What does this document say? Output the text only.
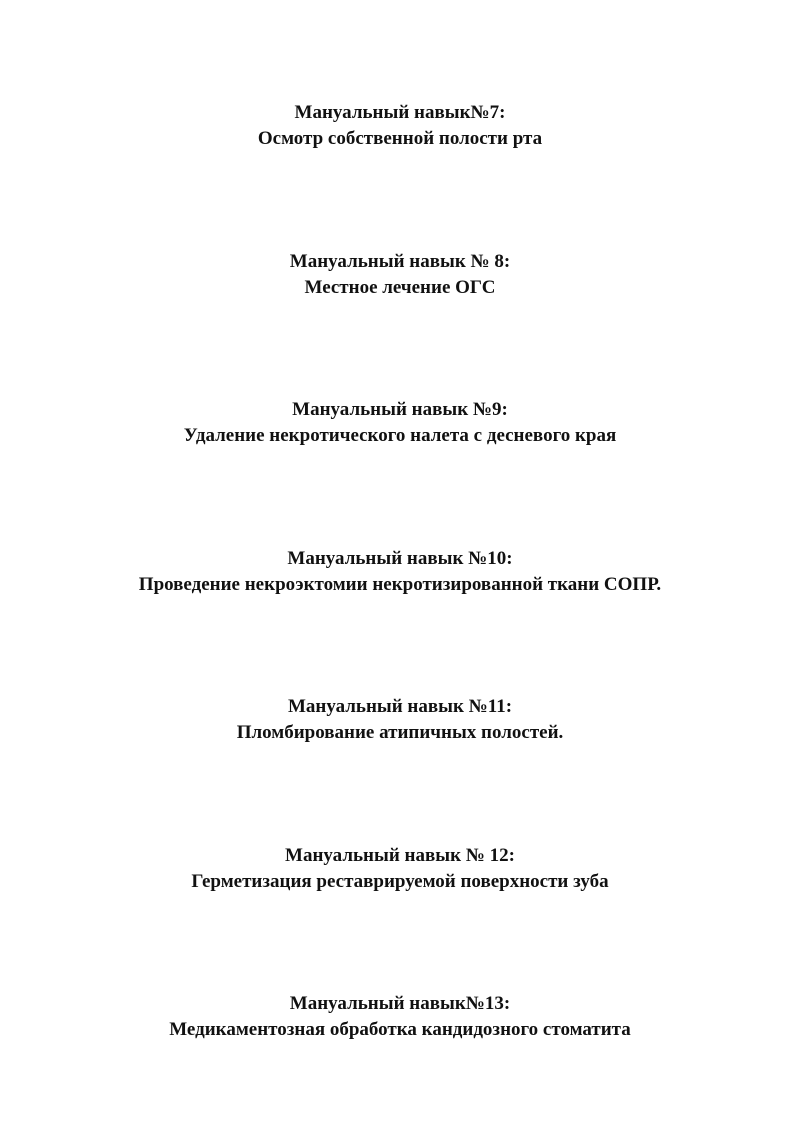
Мануальный навык№7:
Осмотр собственной полости рта
Мануальный навык № 8:
Местное лечение ОГС
Мануальный навык №9:
Удаление некротического налета с десневого края
Мануальный навык №10:
Проведение некроэктомии некротизированной ткани СОПР.
Мануальный навык №11:
Пломбирование атипичных полостей.
Мануальный навык № 12:
Герметизация реставрируемой поверхности зуба
Мануальный навык№13:
Медикаментозная обработка кандидозного стоматита
